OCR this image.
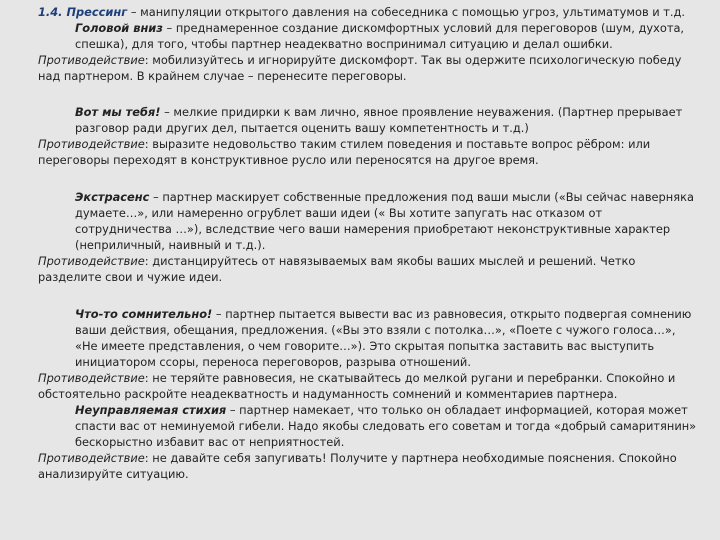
1.4. Прессинг – манипуляции открытого давления на собеседника с помощью угроз, ультиматумов и т.д.

Головой вниз – преднамеренное создание дискомфортных условий для переговоров (шум, духота, спешка), для того, чтобы партнер неадекватно воспринимал ситуацию и делал ошибки.

Противодействие: мобилизуйтесь и игнорируйте дискомфорт. Так вы одержите психологическую победу над партнером. В крайнем случае – перенесите переговоры.

Вот мы тебя! – мелкие придирки к вам лично, явное проявление неуважения. (Партнер прерывает разговор ради других дел, пытается оценить вашу компетентность и т.д.)

Противодействие: выразите недовольство таким стилем поведения и поставьте вопрос рёбром: или переговоры переходят в конструктивное русло или переносятся на другое время.

Экстрасенс – партнер маскирует собственные предложения под ваши мысли («Вы сейчас наверняка думаете…», или намеренно огрублет ваши идеи (« Вы хотите запугать нас отказом от сотрудничества …»), вследствие чего ваши намерения приобретают неконструктивные характер (неприличный, наивный и т.д.).

Противодействие: дистанцируйтесь от навязываемых вам якобы ваших мыслей и решений. Четко разделите свои и чужие идеи.

Что-то сомнительно! – партнер пытается вывести вас из равновесия, открыто подвергая сомнению ваши действия, обещания, предложения. («Вы это взяли с потолка…», «Поете с чужого голоса…», «Не имеете представления, о чем говорите…»). Это скрытая попытка заставить вас выступить инициатором ссоры, переноса переговоров, разрыва отношений.

Противодействие: не теряйте равновесия, не скатывайтесь до мелкой ругани и перебранки. Спокойно и обстоятельно раскройте неадекватность и надуманность сомнений и комментариев партнера.

Неуправляемая стихия – партнер намекает, что только он обладает информацией, которая может спасти вас от неминуемой гибели. Надо якобы следовать его советам и тогда «добрый самаритянин» бескорыстно избавит вас от неприятностей.

Противодействие: не давайте себя запугивать! Получите у партнера необходимые пояснения. Спокойно анализируйте ситуацию.
